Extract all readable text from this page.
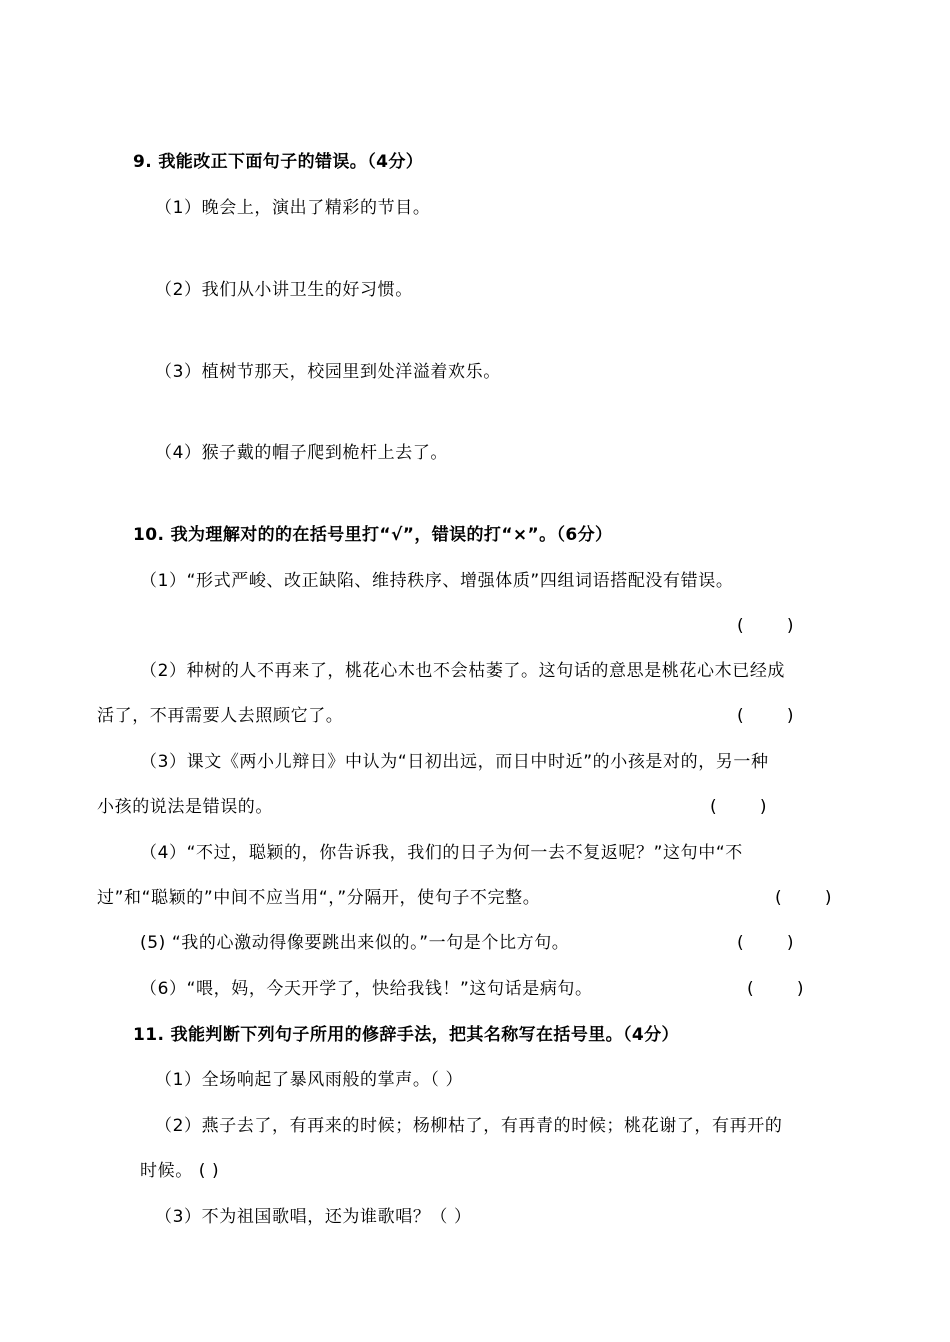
9. 我能改正下面句子的错误。（4分）
（1）晚会上，演出了精彩的节目。
（2）我们从小讲卫生的好习惯。
（3）植树节那天，校园里到处洋溢着欢乐。
（4）猴子戴的帽子爬到桅杆上去了。
10. 我为理解对的的在括号里打“√”，错误的打“×”。（6分）
（1）“形式严峻、改正缺陷、维持秩序、增强体质”四组词语搭配没有错误。
(        )
（2）种树的人不再来了，桃花心木也不会枯萎了。这句话的意思是桃花心木已经成
活了，不再需要人去照顾它了。	(        )
（3）课文《两小儿辩日》中认为“日初出远，而日中时近”的小孩是对的，另一种
小孩的说法是错误的。	(        )
（4）“不过，聪颖的，你告诉我，我们的日子为何一去不复返呢？”这句中“不
过”和“聪颖的”中间不应当用“，”分隔开，使句子不完整。	(        )
(5) “我的心激动得像要跳出来似的。”一句是个比方句。	(        )
（6）“喂，妈，今天开学了，快给我钱！”这句话是病句。	(        )
11. 我能判断下列句子所用的修辞手法，把其名称写在括号里。（4分）
（1）全场响起了暴风雨般的掌声。（ ）
（2）燕子去了，有再来的时候；杨柳枯了，有再青的时候；桃花谢了，有再开的
时候。 ( )
（3）不为祖国歌唱，还为谁歌唱？（ ）
